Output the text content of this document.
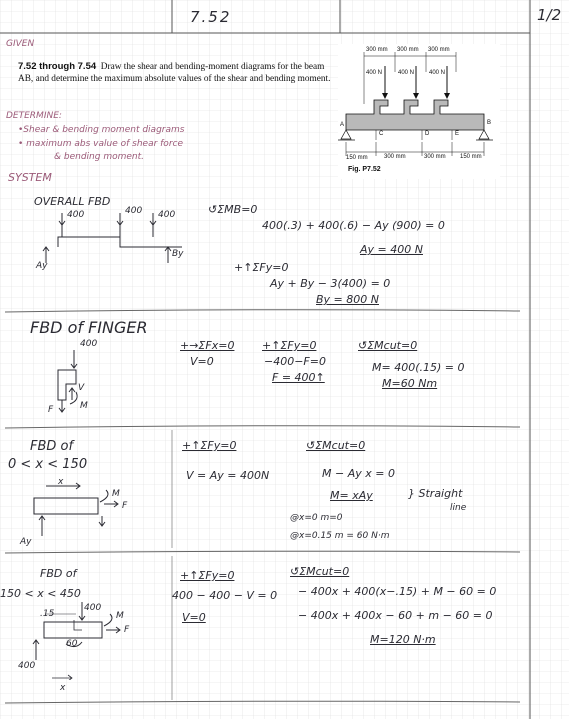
7.52	1/2
GIVEN
7.52 through 7.54 Draw the shear and bending-moment diagrams for the beam AB, and determine the maximum absolute values of the shear and bending moment.
300 mm 300 mm 300 mm
400 N	400 N 400 N
A
C	D	E
B
150 mm	300 mm	300 mm 150 mm
Fig. P7.52
DETERMINE:
•Shear & bending moment diagrams
• maximum abs value of shear force
& bending moment.
SYSTEM
OVERALL FBD
400	400 400
Ay
By
↺ΣMB=0
400(.3) + 400(.6) − Ay (900) = 0
Ay = 400 N
+↑ΣFy=0
Ay + By − 3(400) = 0
By = 800 N
FBD of FINGER
400
V
F	M
+→ΣFx=0
V=0
+↑ΣFy=0
−400−F=0
F = 400↑
↺ΣMcut=0
M= 400(.15) = 0
M=60 Nm
FBD of
0 < x < 150
x
M
F
Ay
+↑ΣFy=0
V = Ay = 400N
↺ΣMcut=0
M − Ay x = 0
M= xAy	} Straight
line
@x=0 m=0
@x=0.15 m = 60 N·m
FBD of
150 < x < 450
400
.15
60
M
F
400
x
+↑ΣFy=0
400 − 400 − V = 0
V=0
↺ΣMcut=0
− 400x + 400(x−.15) + M − 60 = 0
− 400x + 400x − 60 + m − 60 = 0
M=120 N·m
